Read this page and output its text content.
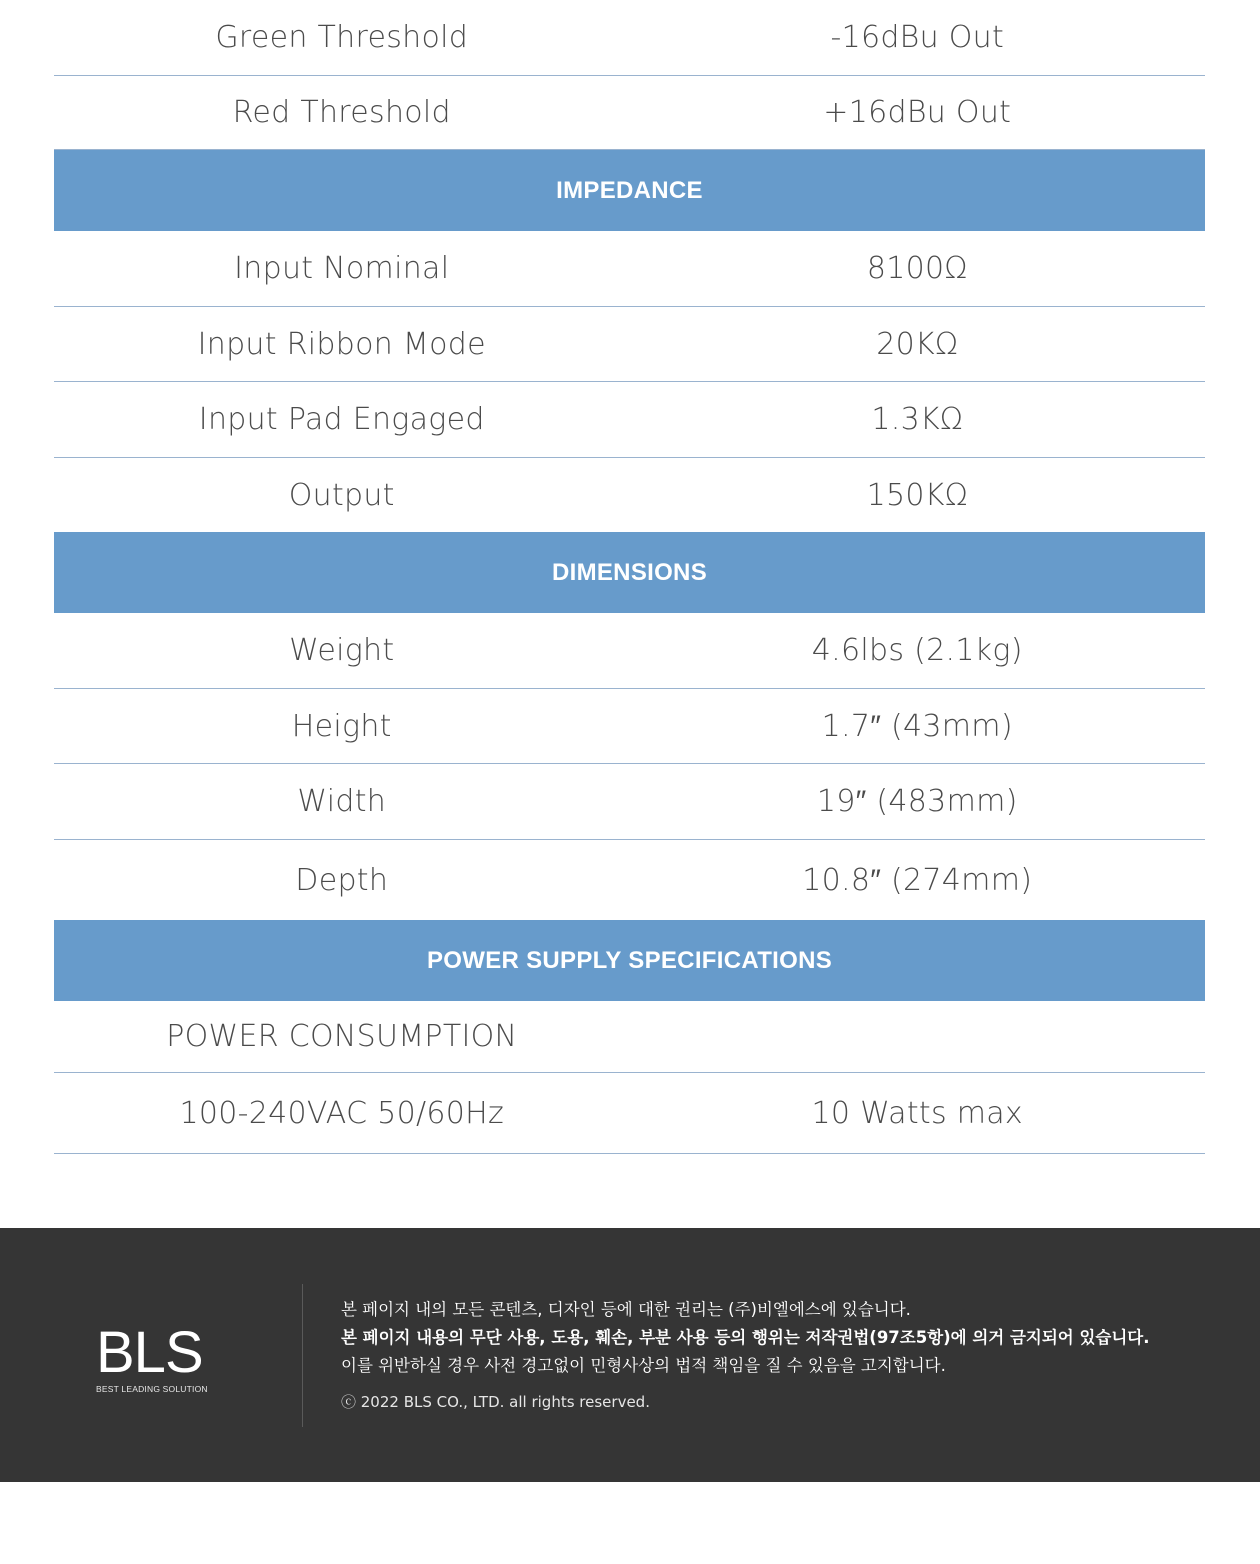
Green Threshold	-16dBu Out
Red Threshold	+16dBu Out
IMPEDANCE
Input Nominal	8100Ω
Input Ribbon Mode	20KΩ
Input Pad Engaged	1.3KΩ
Output	150KΩ
DIMENSIONS
Weight	4.6lbs (2.1kg)
Height	1.7″ (43mm)
Width	19″ (483mm)
Depth	10.8″ (274mm)
POWER SUPPLY SPECIFICATIONS
POWER CONSUMPTION
100-240VAC 50/60Hz	10 Watts max
BLS
BEST LEADING SOLUTION
본 페이지 내의 모든 콘텐츠, 디자인 등에 대한 권리는 (주)비엘에스에 있습니다.
본 페이지 내용의 무단 사용, 도용, 훼손, 부분 사용 등의 행위는 저작권법(97조5항)에 의거 금지되어 있습니다.
이를 위반하실 경우 사전 경고없이 민형사상의 법적 책임을 질 수 있음을 고지합니다.
ⓒ 2022 BLS CO., LTD. all rights reserved.
